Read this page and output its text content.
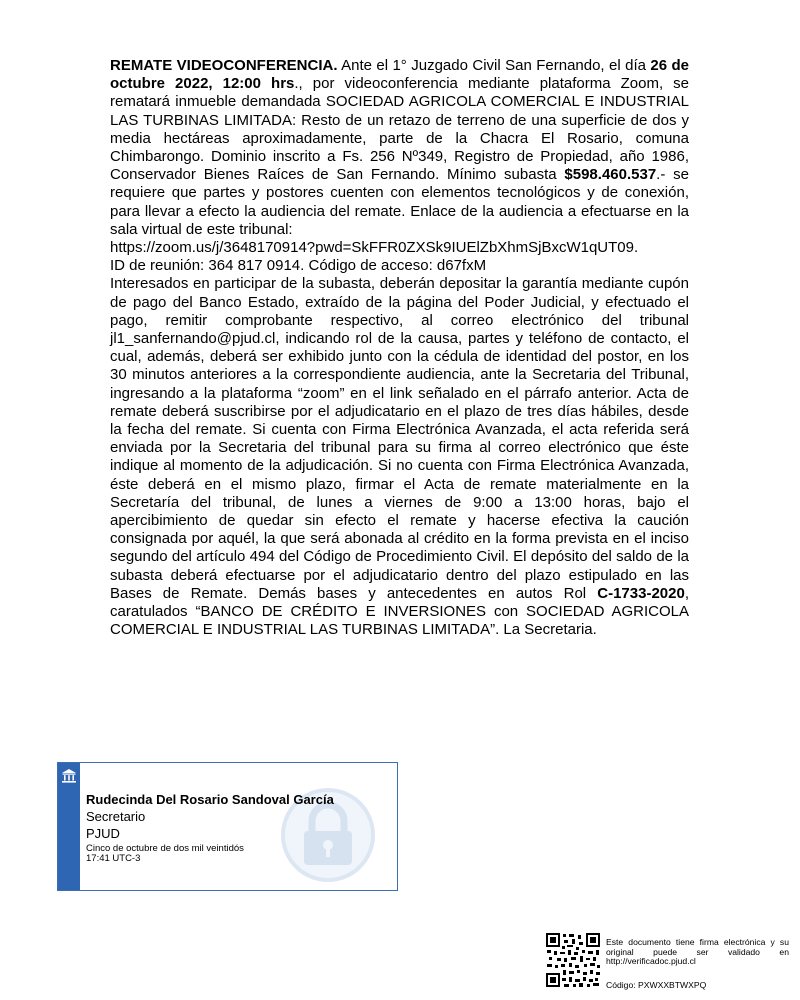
REMATE VIDEOCONFERENCIA. Ante el 1° Juzgado Civil San Fernando, el día 26 de octubre 2022, 12:00 hrs., por videoconferencia mediante plataforma Zoom, se rematará inmueble demandada SOCIEDAD AGRICOLA COMERCIAL E INDUSTRIAL LAS TURBINAS LIMITADA: Resto de un retazo de terreno de una superficie de dos y media hectáreas aproximadamente, parte de la Chacra El Rosario, comuna Chimbarongo. Dominio inscrito a Fs. 256 Nº349, Registro de Propiedad, año 1986, Conservador Bienes Raíces de San Fernando. Mínimo subasta $598.460.537.- se requiere que partes y postores cuenten con elementos tecnológicos y de conexión, para llevar a efecto la audiencia del remate. Enlace de la audiencia a efectuarse en la sala virtual de este tribunal:

https://zoom.us/j/3648170914?pwd=SkFFR0ZXSk9IUElZbXhmSjBxcW1qUT09.

ID de reunión: 364 817 0914. Código de acceso: d67fxM

Interesados en participar de la subasta, deberán depositar la garantía mediante cupón de pago del Banco Estado, extraído de la página del Poder Judicial, y efectuado el pago, remitir comprobante respectivo, al correo electrónico del tribunal jl1_sanfernando@pjud.cl, indicando rol de la causa, partes y teléfono de contacto, el cual, además, deberá ser exhibido junto con la cédula de identidad del postor, en los 30 minutos anteriores a la correspondiente audiencia, ante la Secretaria del Tribunal, ingresando a la plataforma “zoom” en el link señalado en el párrafo anterior. Acta de remate deberá suscribirse por el adjudicatario en el plazo de tres días hábiles, desde la fecha del remate. Si cuenta con Firma Electrónica Avanzada, el acta referida será enviada por la Secretaria del tribunal para su firma al correo electrónico que éste indique al momento de la adjudicación. Si no cuenta con Firma Electrónica Avanzada, éste deberá en el mismo plazo, firmar el Acta de remate materialmente en la Secretaría del tribunal, de lunes a viernes de 9:00 a 13:00 horas, bajo el apercibimiento de quedar sin efecto el remate y hacerse efectiva la caución consignada por aquél, la que será abonada al crédito en la forma prevista en el inciso segundo del artículo 494 del Código de Procedimiento Civil. El depósito del saldo de la subasta deberá efectuarse por el adjudicatario dentro del plazo estipulado en las Bases de Remate. Demás bases y antecedentes en autos Rol C-1733-2020, caratulados “BANCO DE CRÉDITO E INVERSIONES con SOCIEDAD AGRICOLA COMERCIAL E INDUSTRIAL LAS TURBINAS LIMITADA”. La Secretaria.

Rudecinda Del Rosario Sandoval García
Secretario
PJUD
Cinco de octubre de dos mil veintidós
17:41 UTC-3
Este documento tiene firma electrónica y su original puede ser validado en http://verificadoc.pjud.cl
Código: PXWXXBTWXPQ
